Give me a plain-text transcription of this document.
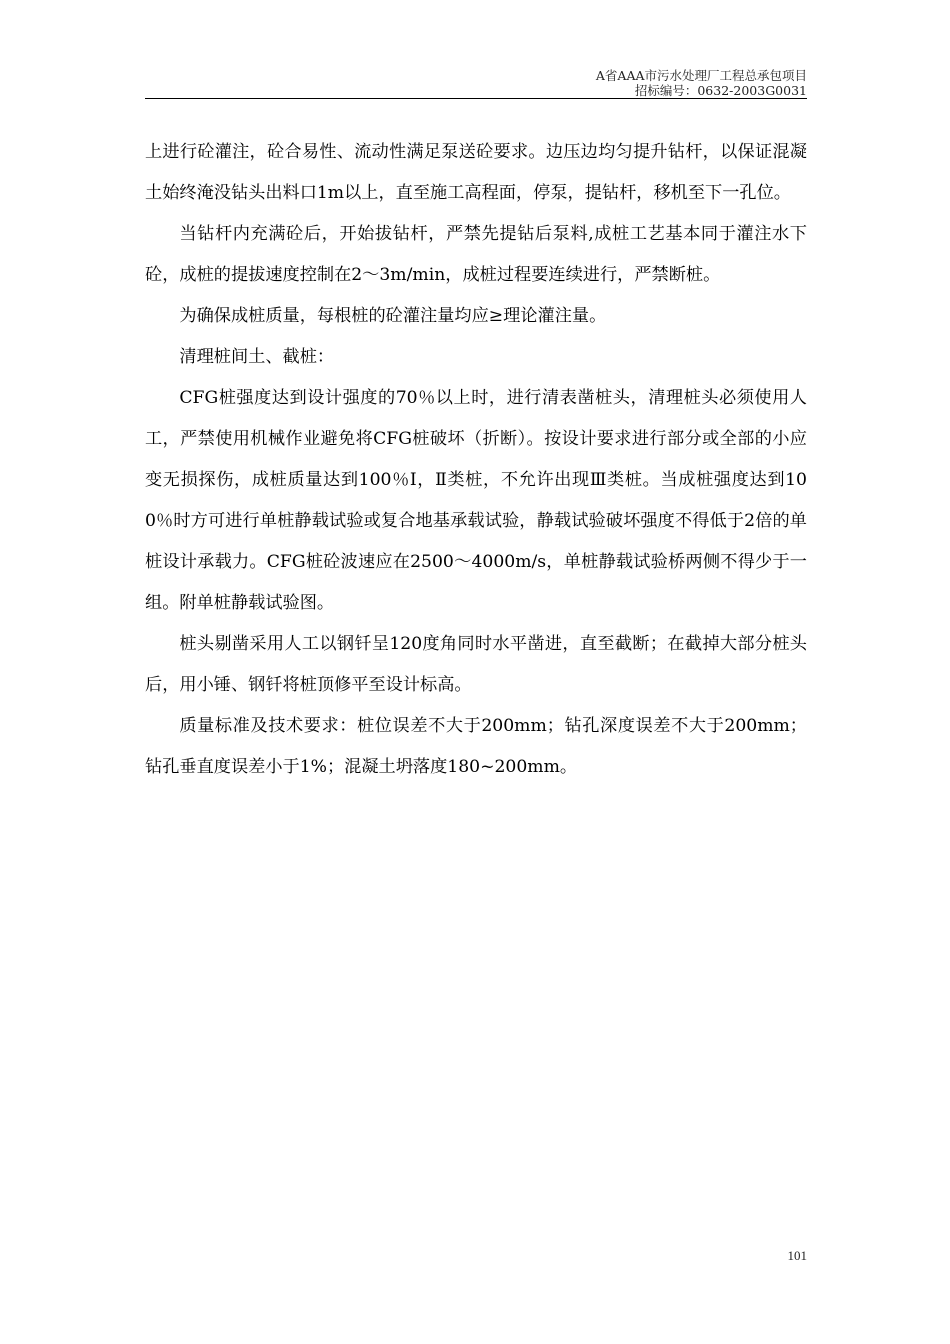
A省AAA市污水处理厂工程总承包项目
招标编号：0632-2003G0031

上进行砼灌注，砼合易性、流动性满足泵送砼要求。边压边均匀提升钻杆，以保证混凝土始终淹没钻头出料口1m以上，直至施工高程面，停泵，提钻杆，移机至下一孔位。

当钻杆内充满砼后，开始拔钻杆，严禁先提钻后泵料,成桩工艺基本同于灌注水下砼，成桩的提拔速度控制在2～3m/min，成桩过程要连续进行，严禁断桩。

为确保成桩质量，每根桩的砼灌注量均应≥理论灌注量。

清理桩间土、截桩：

CFG桩强度达到设计强度的70％以上时，进行清表凿桩头，清理桩头必须使用人工，严禁使用机械作业避免将CFG桩破坏（折断）。按设计要求进行部分或全部的小应变无损探伤，成桩质量达到100％Ⅰ，Ⅱ类桩，不允许出现Ⅲ类桩。当成桩强度达到100％时方可进行单桩静载试验或复合地基承载试验，静载试验破坏强度不得低于2倍的单桩设计承载力。CFG桩砼波速应在2500～4000m/s，单桩静载试验桥两侧不得少于一组。附单桩静载试验图。

桩头剔凿采用人工以钢钎呈120度角同时水平凿进，直至截断；在截掉大部分桩头后，用小锤、钢钎将桩顶修平至设计标高。

质量标准及技术要求：桩位误差不大于200mm；钻孔深度误差不大于200mm；钻孔垂直度误差小于1%；混凝土坍落度180~200mm。

101
